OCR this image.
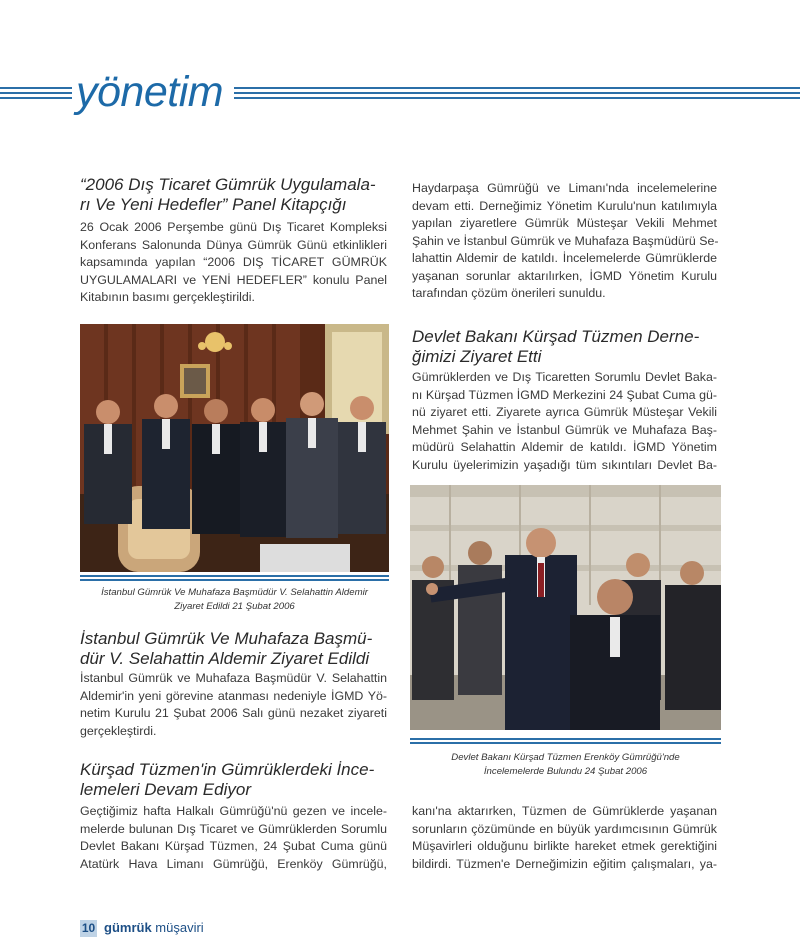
yönetim
“2006 Dış Ticaret Gümrük Uygulamala-
rı Ve Yeni Hedefler” Panel Kitapçığı
26 Ocak 2006 Perşembe günü Dış Ticaret Kompleksi
Konferans Salonunda Dünya Gümrük Günü etkinlikleri
kapsamında yapılan “2006 DIŞ TİCARET GÜMRÜK
UYGULAMALARI ve YENİ HEDEFLER” konulu Panel
Kitabının basımı gerçekleştirildi.
İstanbul Gümrük Ve Muhafaza Başmüdür V. Selahattin Aldemir
Ziyaret Edildi 21 Şubat 2006
İstanbul Gümrük Ve Muhafaza Başmü-
dür V. Selahattin Aldemir Ziyaret Edildi
İstanbul Gümrük ve Muhafaza Başmüdür V. Selahattin
Aldemir'in yeni görevine atanması nedeniyle İGMD Yö-
netim Kurulu 21 Şubat 2006 Salı günü nezaket ziyareti
gerçekleştirdi.
Kürşad Tüzmen'in Gümrüklerdeki İnce-
lemeleri Devam Ediyor
Geçtiğimiz hafta Halkalı Gümrüğü'nü gezen ve incele-
melerde bulunan Dış Ticaret ve Gümrüklerden Sorumlu
Devlet Bakanı Kürşad Tüzmen, 24 Şubat Cuma günü
Atatürk Hava Limanı Gümrüğü, Erenköy Gümrüğü,
Haydarpaşa Gümrüğü ve Limanı'nda incelemelerine
devam etti. Derneğimiz Yönetim Kurulu'nun katılımıyla
yapılan ziyaretlere Gümrük Müsteşar Vekili Mehmet
Şahin ve İstanbul Gümrük ve Muhafaza Başmüdürü Se-
lahattin Aldemir de katıldı. İncelemelerde Gümrüklerde
yaşanan sorunlar aktarılırken, İGMD Yönetim Kurulu
tarafından çözüm önerileri sunuldu.
Devlet Bakanı Kürşad Tüzmen Derne-
ğimizi Ziyaret Etti
Gümrüklerden ve Dış Ticaretten Sorumlu Devlet Baka-
nı Kürşad Tüzmen İGMD Merkezini 24 Şubat Cuma gü-
nü ziyaret etti. Ziyarete ayrıca Gümrük Müsteşar Vekili
Mehmet Şahin ve İstanbul Gümrük ve Muhafaza Baş-
müdürü Selahattin Aldemir de katıldı. İGMD Yönetim
Kurulu üyelerimizin yaşadığı tüm sıkıntıları Devlet Ba-
Devlet Bakanı Kürşad Tüzmen Erenköy Gümrüğü'nde
İncelemelerde Bulundu 24 Şubat 2006
kanı'na aktarırken, Tüzmen de Gümrüklerde yaşanan
sorunların çözümünde en büyük yardımcısının Gümrük
Müşavirleri olduğunu birlikte hareket etmek gerektiğini
bildirdi. Tüzmen'e Derneğimizin eğitim çalışmaları, ya-
10 gümrük müşaviri
